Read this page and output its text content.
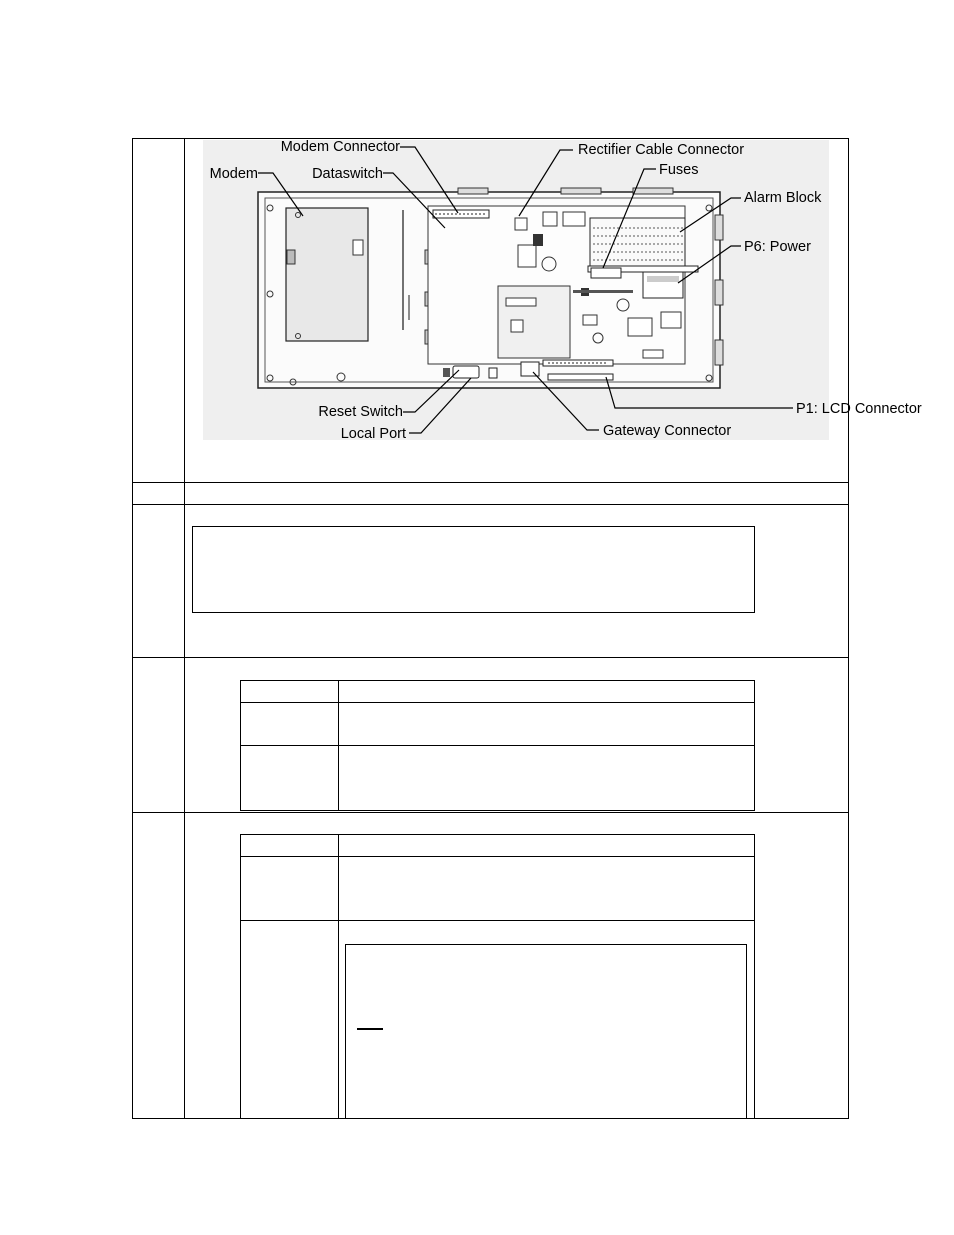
Modem Connector	Rectifier Cable Connector
Fuses
Modem	Dataswitch
Alarm Block
P6: Power
Reset Switch	P1: LCD Connector
Local Port	Gateway Connector
Note
